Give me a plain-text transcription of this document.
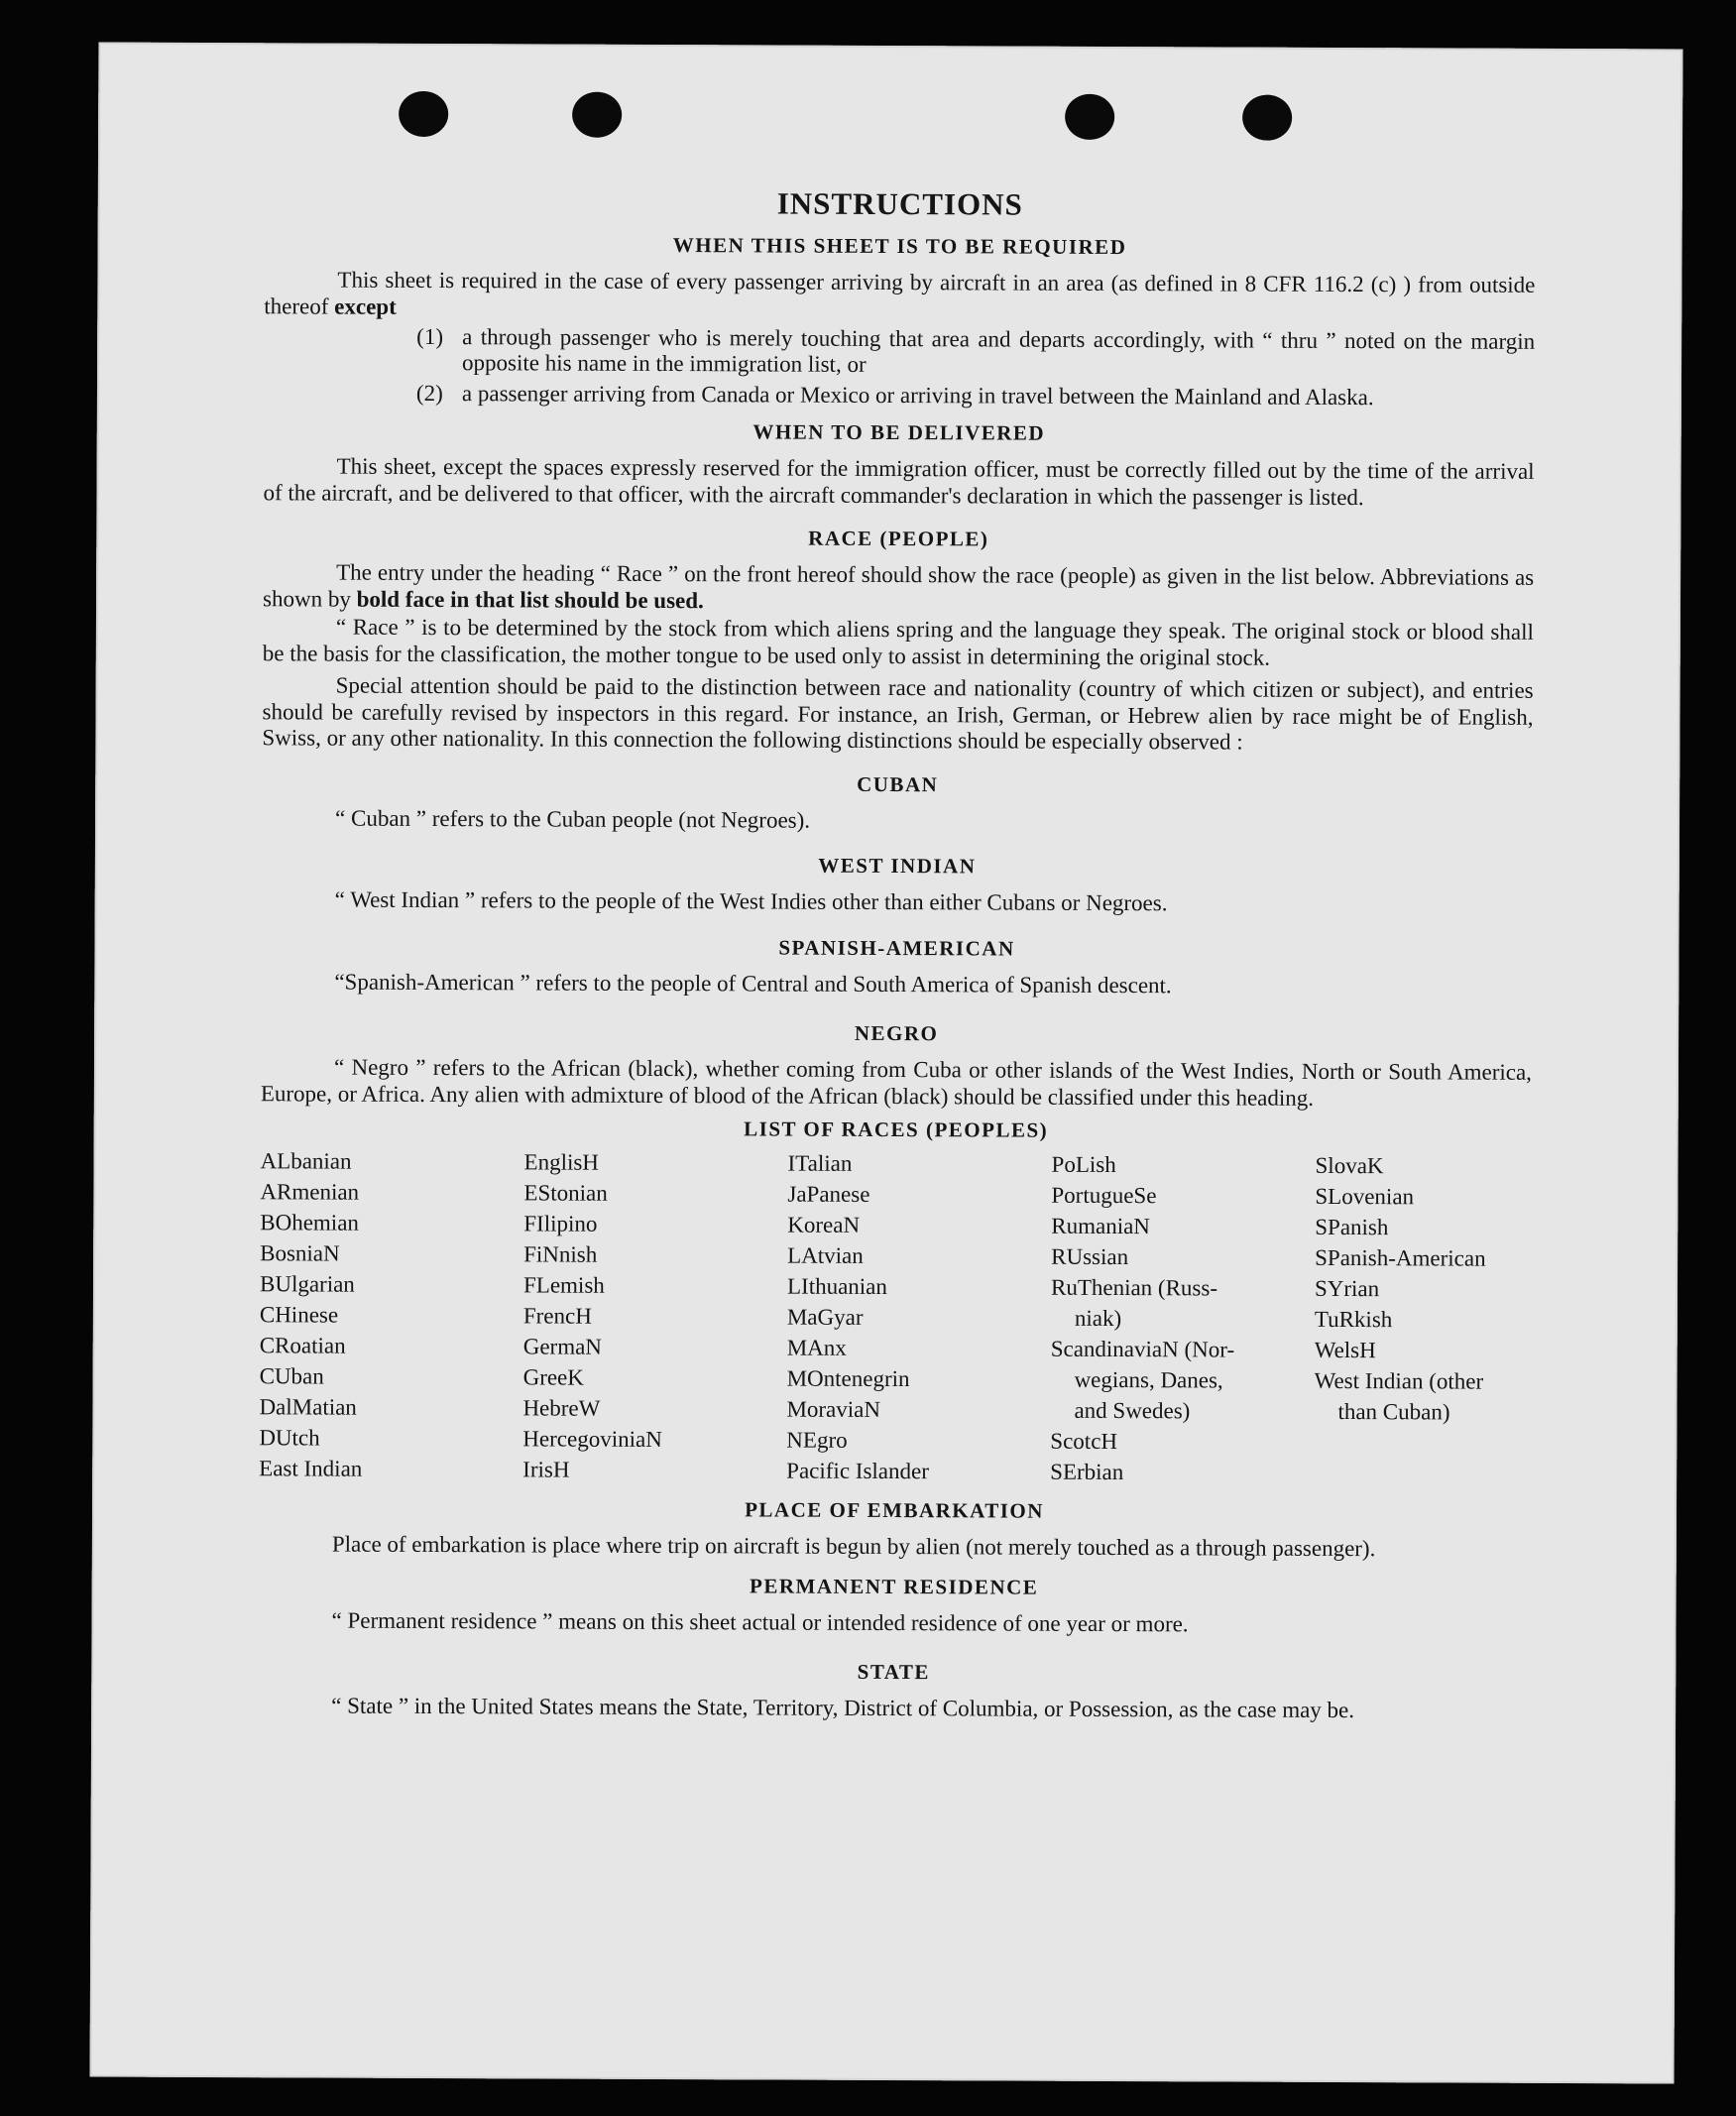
INSTRUCTIONS
WHEN THIS SHEET IS TO BE REQUIRED

This sheet is required in the case of every passenger arriving by aircraft in an area (as defined in 8 CFR 116.2 (c) ) from outside thereof except

(1) a through passenger who is merely touching that area and departs accordingly, with “ thru ” noted on the margin opposite his name in the immigration list, or
(2) a passenger arriving from Canada or Mexico or arriving in travel between the Mainland and Alaska.
WHEN TO BE DELIVERED

This sheet, except the spaces expressly reserved for the immigration officer, must be correctly filled out by the time of the arrival of the aircraft, and be delivered to that officer, with the aircraft commander's declaration in which the passenger is listed.

RACE (PEOPLE)

The entry under the heading “ Race ” on the front hereof should show the race (people) as given in the list below. Abbreviations as shown by bold face in that list should be used.

“ Race ” is to be determined by the stock from which aliens spring and the language they speak. The original stock or blood shall be the basis for the classification, the mother tongue to be used only to assist in determining the original stock.

Special attention should be paid to the distinction between race and nationality (country of which citizen or subject), and entries should be carefully revised by inspectors in this regard. For instance, an Irish, German, or Hebrew alien by race might be of English, Swiss, or any other nationality. In this connection the following distinctions should be especially observed :

CUBAN

“ Cuban ” refers to the Cuban people (not Negroes).

WEST INDIAN

“ West Indian ” refers to the people of the West Indies other than either Cubans or Negroes.

SPANISH-AMERICAN

“Spanish-American ” refers to the people of Central and South America of Spanish descent.

NEGRO

“ Negro ” refers to the African (black), whether coming from Cuba or other islands of the West Indies, North or South America, Europe, or Africa. Any alien with admixture of blood of the African (black) should be classified under this heading.

LIST OF RACES (PEOPLES)
ALbanian
ARmenian
BOhemian
BosniaN
BUlgarian
CHinese
CRoatian
CUban
DalMatian
DUtch
East Indian
EnglisH
EStonian
FIlipino
FiNnish
FLemish
FrencH
GermaN
GreeK
HebreW
HercegoviniaN
IrisH
ITalian
JaPanese
KoreaN
LAtvian
LIthuanian
MaGyar
MAnx
MOntenegrin
MoraviaN
NEgro
Pacific Islander
PoLish
PortugueSe
RumaniaN
RUssian
RuThenian (Russ-
niak)
ScandinaviaN (Nor-
wegians, Danes,
and Swedes)
ScotcH
SErbian
SlovaK
SLovenian
SPanish
SPanish-American
SYrian
TuRkish
WelsH
West Indian (other
than Cuban)
PLACE OF EMBARKATION

Place of embarkation is place where trip on aircraft is begun by alien (not merely touched as a through passenger).

PERMANENT RESIDENCE

“ Permanent residence ” means on this sheet actual or intended residence of one year or more.

STATE

“ State ” in the United States means the State, Territory, District of Columbia, or Possession, as the case may be.
